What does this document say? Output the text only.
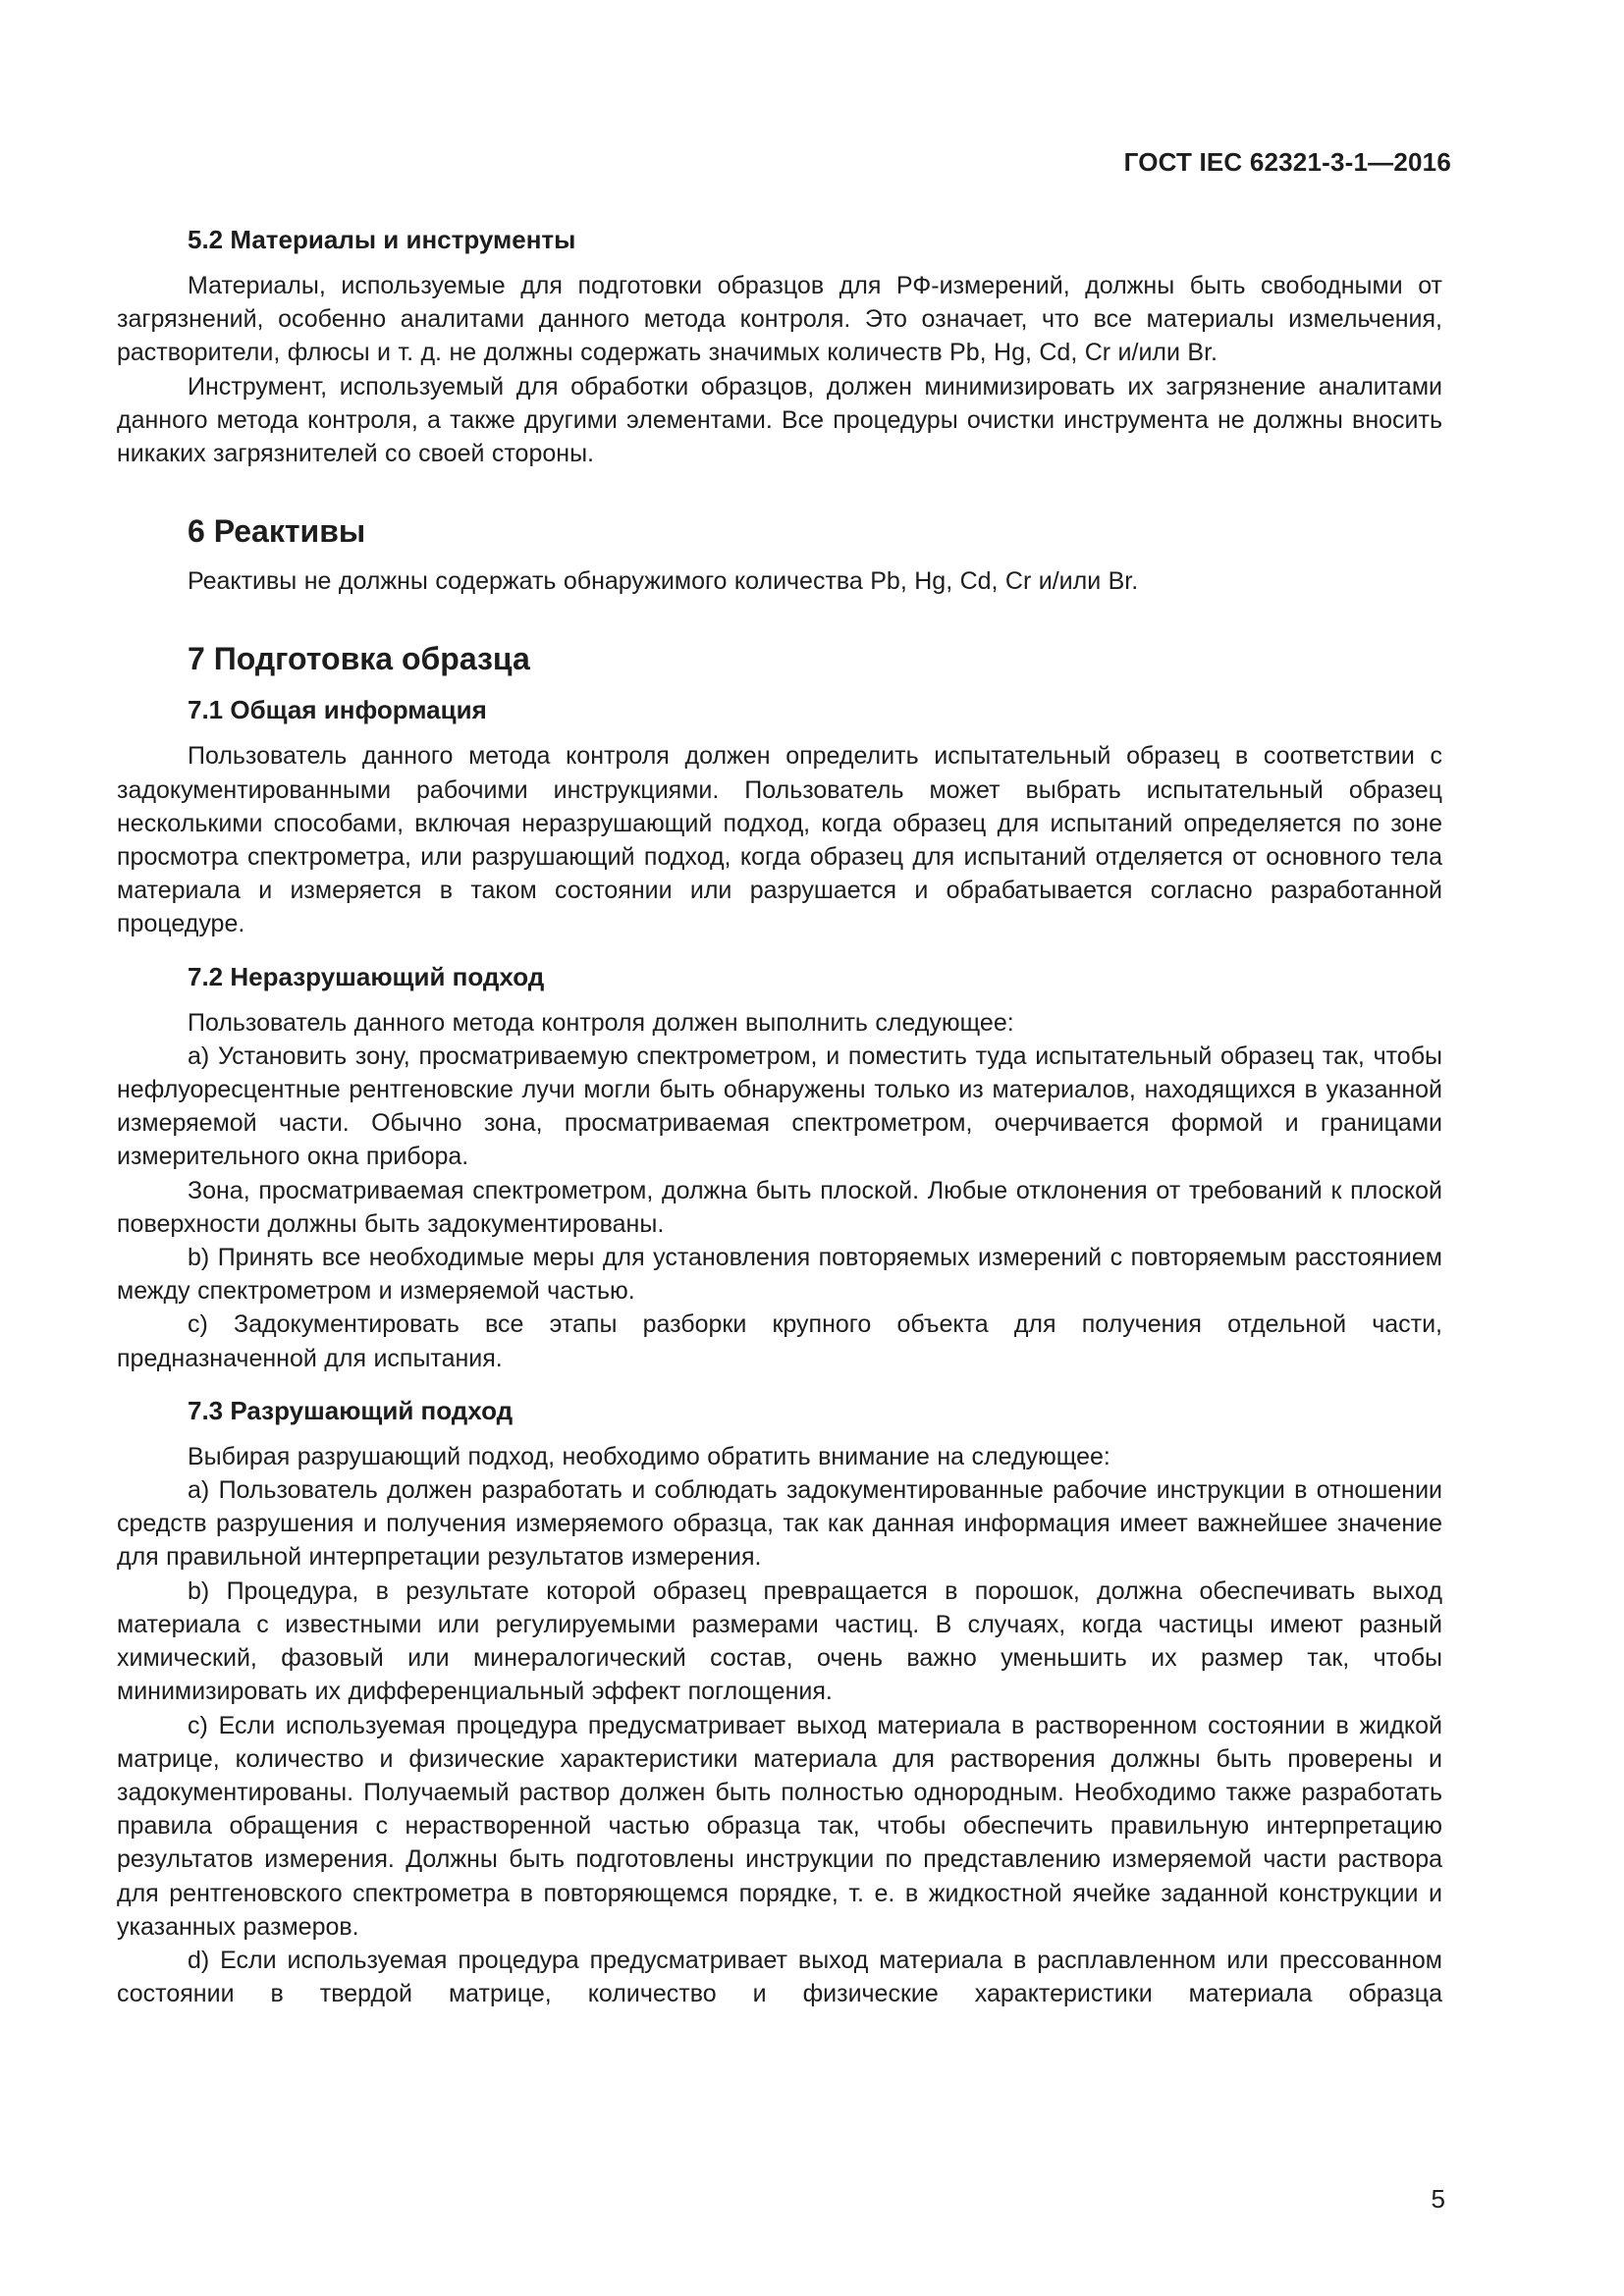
ГОСТ IEC 62321-3-1—2016
5.2 Материалы и инструменты

Материалы, используемые для подготовки образцов для РФ-измерений, должны быть свободными от загрязнений, особенно аналитами данного метода контроля. Это означает, что все материалы измельчения, растворители, флюсы и т. д. не должны содержать значимых количеств Pb, Hg, Cd, Cr и/или Br.

Инструмент, используемый для обработки образцов, должен минимизировать их загрязнение аналитами данного метода контроля, а также другими элементами. Все процедуры очистки инструмента не должны вносить никаких загрязнителей со своей стороны.

6 Реактивы

Реактивы не должны содержать обнаружимого количества Pb, Hg, Cd, Cr и/или Br.

7 Подготовка образца
7.1 Общая информация

Пользователь данного метода контроля должен определить испытательный образец в соответствии с задокументированными рабочими инструкциями. Пользователь может выбрать испытательный образец несколькими способами, включая неразрушающий подход, когда образец для испытаний определяется по зоне просмотра спектрометра, или разрушающий подход, когда образец для испытаний отделяется от основного тела материала и измеряется в таком состоянии или разрушается и обрабатывается согласно разработанной процедуре.

7.2 Неразрушающий подход

Пользователь данного метода контроля должен выполнить следующее:

a) Установить зону, просматриваемую спектрометром, и поместить туда испытательный образец так, чтобы нефлуоресцентные рентгеновские лучи могли быть обнаружены только из материалов, находящихся в указанной измеряемой части. Обычно зона, просматриваемая спектрометром, очерчивается формой и границами измерительного окна прибора.

Зона, просматриваемая спектрометром, должна быть плоской. Любые отклонения от требований к плоской поверхности должны быть задокументированы.

b) Принять все необходимые меры для установления повторяемых измерений с повторяемым расстоянием между спектрометром и измеряемой частью.

c) Задокументировать все этапы разборки крупного объекта для получения отдельной части, предназначенной для испытания.

7.3 Разрушающий подход

Выбирая разрушающий подход, необходимо обратить внимание на следующее:

a) Пользователь должен разработать и соблюдать задокументированные рабочие инструкции в отношении средств разрушения и получения измеряемого образца, так как данная информация имеет важнейшее значение для правильной интерпретации результатов измерения.

b) Процедура, в результате которой образец превращается в порошок, должна обеспечивать выход материала с известными или регулируемыми размерами частиц. В случаях, когда частицы имеют разный химический, фазовый или минералогический состав, очень важно уменьшить их размер так, чтобы минимизировать их дифференциальный эффект поглощения.

c) Если используемая процедура предусматривает выход материала в растворенном состоянии в жидкой матрице, количество и физические характеристики материала для растворения должны быть проверены и задокументированы. Получаемый раствор должен быть полностью однородным. Необходимо также разработать правила обращения с нерастворенной частью образца так, чтобы обеспечить правильную интерпретацию результатов измерения. Должны быть подготовлены инструкции по представлению измеряемой части раствора для рентгеновского спектрометра в повторяющемся порядке, т. е. в жидкостной ячейке заданной конструкции и указанных размеров.

d) Если используемая процедура предусматривает выход материала в расплавленном или прессованном состоянии в твердой матрице, количество и физические характеристики материала образца

5
